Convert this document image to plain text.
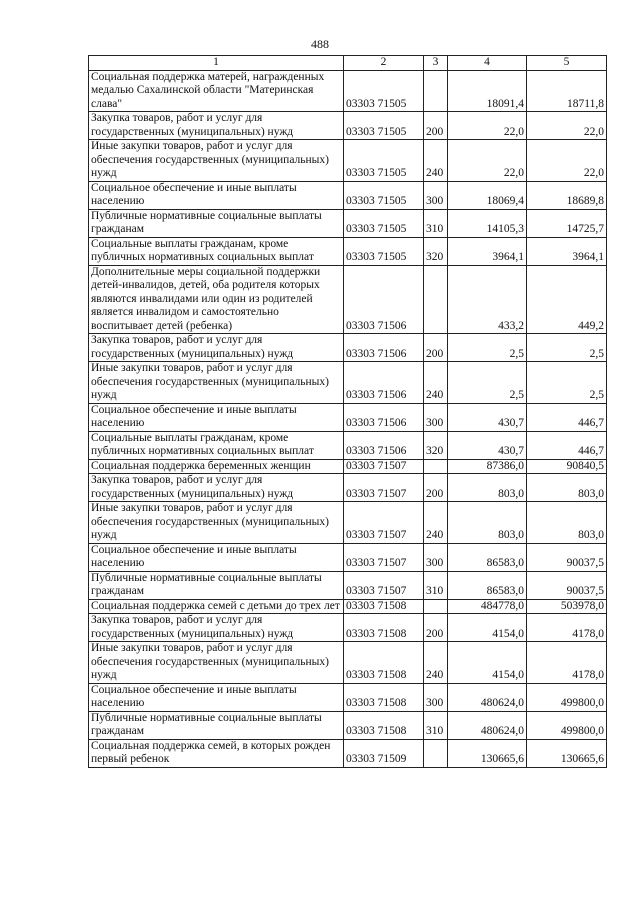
488
1	2	3	4	5
Социальная поддержка матерей, награжденных медалью Сахалинской области "Материнская слава"	03303 71505		18091,4	18711,8
Закупка товаров, работ и услуг для государственных (муниципальных) нужд	03303 71505	200	22,0	22,0
Иные закупки товаров, работ и услуг для обеспечения государственных (муниципальных) нужд	03303 71505	240	22,0	22,0
Социальное обеспечение и иные выплаты населению	03303 71505	300	18069,4	18689,8
Публичные нормативные социальные выплаты гражданам	03303 71505	310	14105,3	14725,7
Социальные выплаты гражданам, кроме публичных нормативных социальных выплат	03303 71505	320	3964,1	3964,1
Дополнительные меры социальной поддержки детей-инвалидов, детей, оба родителя которых являются инвалидами или один из родителей является инвалидом и самостоятельно воспитывает детей (ребенка)	03303 71506		433,2	449,2
Закупка товаров, работ и услуг для государственных (муниципальных) нужд	03303 71506	200	2,5	2,5
Иные закупки товаров, работ и услуг для обеспечения государственных (муниципальных) нужд	03303 71506	240	2,5	2,5
Социальное обеспечение и иные выплаты населению	03303 71506	300	430,7	446,7
Социальные выплаты гражданам, кроме публичных нормативных социальных выплат	03303 71506	320	430,7	446,7
Социальная поддержка беременных женщин	03303 71507		87386,0	90840,5
Закупка товаров, работ и услуг для государственных (муниципальных) нужд	03303 71507	200	803,0	803,0
Иные закупки товаров, работ и услуг для обеспечения государственных (муниципальных) нужд	03303 71507	240	803,0	803,0
Социальное обеспечение и иные выплаты населению	03303 71507	300	86583,0	90037,5
Публичные нормативные социальные выплаты гражданам	03303 71507	310	86583,0	90037,5
Социальная поддержка семей с детьми до трех лет	03303 71508		484778,0	503978,0
Закупка товаров, работ и услуг для государственных (муниципальных) нужд	03303 71508	200	4154,0	4178,0
Иные закупки товаров, работ и услуг для обеспечения государственных (муниципальных) нужд	03303 71508	240	4154,0	4178,0
Социальное обеспечение и иные выплаты населению	03303 71508	300	480624,0	499800,0
Публичные нормативные социальные выплаты гражданам	03303 71508	310	480624,0	499800,0
Социальная поддержка семей, в которых рожден первый ребенок	03303 71509		130665,6	130665,6
